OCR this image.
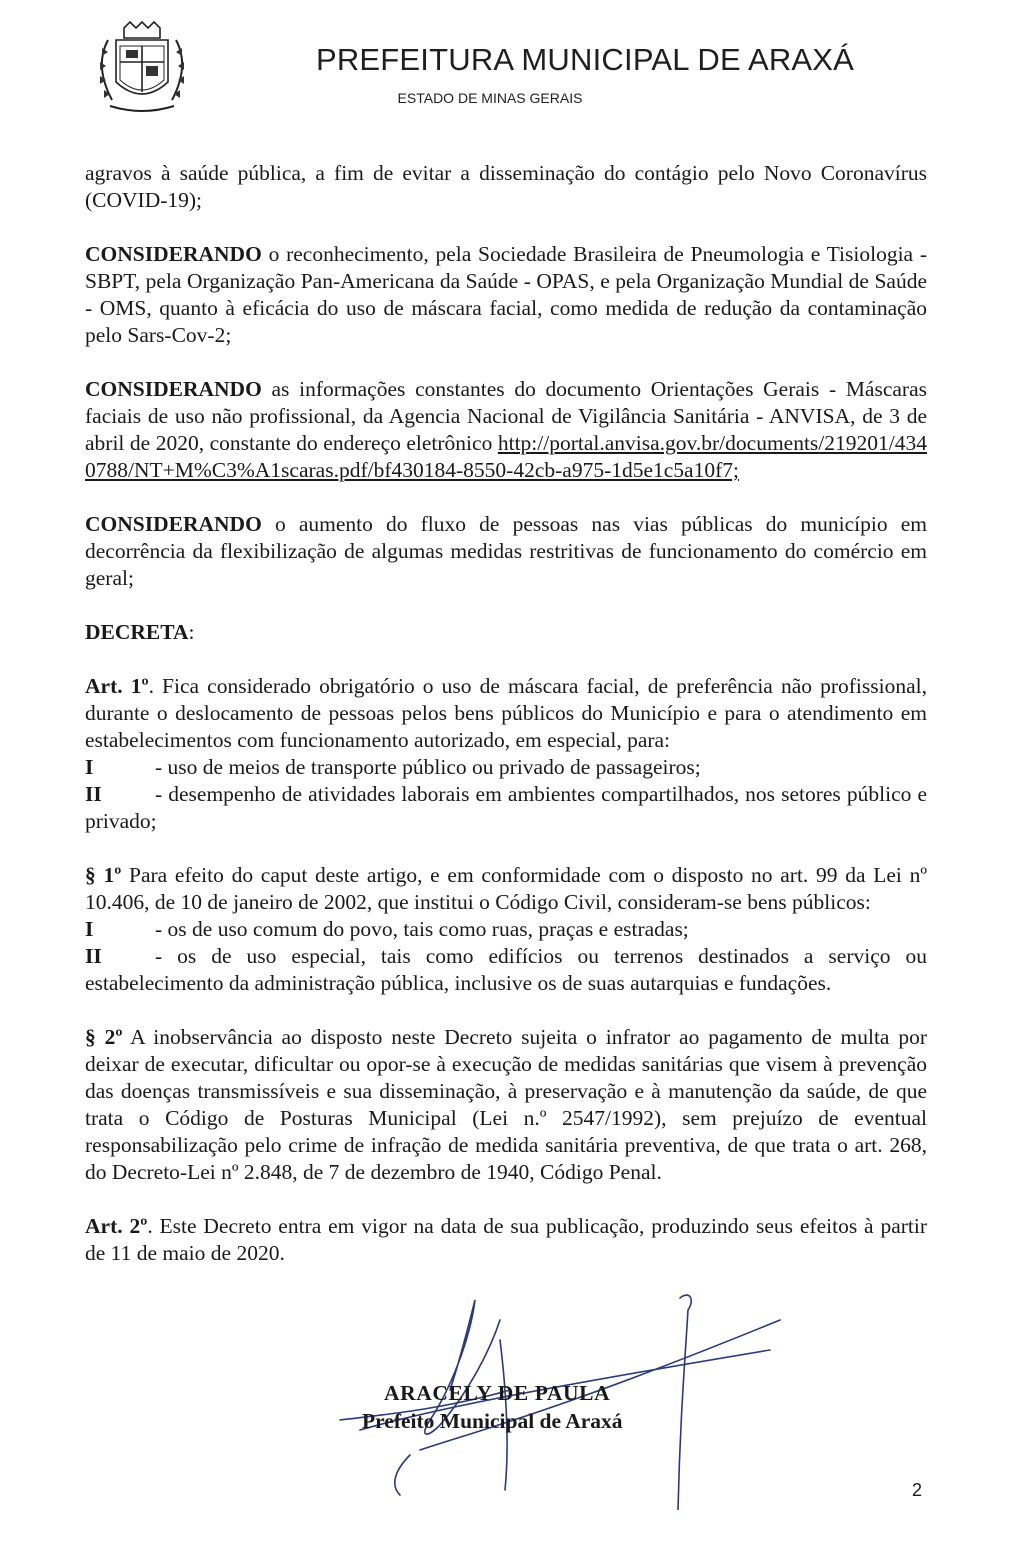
PREFEITURA MUNICIPAL DE ARAXÁ
ESTADO DE MINAS GERAIS

agravos à saúde pública, a fim de evitar a disseminação do contágio pelo Novo Coronavírus (COVID-19);

CONSIDERANDO o reconhecimento, pela Sociedade Brasileira de Pneumologia e Tisiologia - SBPT, pela Organização Pan-Americana da Saúde - OPAS, e pela Organização Mundial de Saúde - OMS, quanto à eficácia do uso de máscara facial, como medida de redução da contaminação pelo Sars-Cov-2;

CONSIDERANDO as informações constantes do documento Orientações Gerais - Máscaras faciais de uso não profissional, da Agencia Nacional de Vigilância Sanitária - ANVISA, de 3 de abril de 2020, constante do endereço eletrônico http://portal.anvisa.gov.br/documents/219201/4340788/NT+M%C3%A1scaras.pdf/bf430184-8550-42cb-a975-1d5e1c5a10f7;

CONSIDERANDO o aumento do fluxo de pessoas nas vias públicas do município em decorrência da flexibilização de algumas medidas restritivas de funcionamento do comércio em geral;

DECRETA:

Art. 1º. Fica considerado obrigatório o uso de máscara facial, de preferência não profissional, durante o deslocamento de pessoas pelos bens públicos do Município e para o atendimento em estabelecimentos com funcionamento autorizado, em especial, para:

I	- uso de meios de transporte público ou privado de passageiros;
II - desempenho de atividades laborais em ambientes compartilhados, nos setores público e privado;

§ 1º Para efeito do caput deste artigo, e em conformidade com o disposto no art. 99 da Lei nº 10.406, de 10 de janeiro de 2002, que institui o Código Civil, consideram-se bens públicos:

I	- os de uso comum do povo, tais como ruas, praças e estradas;
II - os de uso especial, tais como edifícios ou terrenos destinados a serviço ou estabelecimento da administração pública, inclusive os de suas autarquias e fundações.

§ 2º A inobservância ao disposto neste Decreto sujeita o infrator ao pagamento de multa por deixar de executar, dificultar ou opor-se à execução de medidas sanitárias que visem à prevenção das doenças transmissíveis e sua disseminação, à preservação e à manutenção da saúde, de que trata o Código de Posturas Municipal (Lei n.º 2547/1992), sem prejuízo de eventual responsabilização pelo crime de infração de medida sanitária preventiva, de que trata o art. 268, do Decreto-Lei nº 2.848, de 7 de dezembro de 1940, Código Penal.

Art. 2º. Este Decreto entra em vigor na data de sua publicação, produzindo seus efeitos à partir de 11 de maio de 2020.

ARACELY DE PAULA
Prefeito Municipal de Araxá
2
